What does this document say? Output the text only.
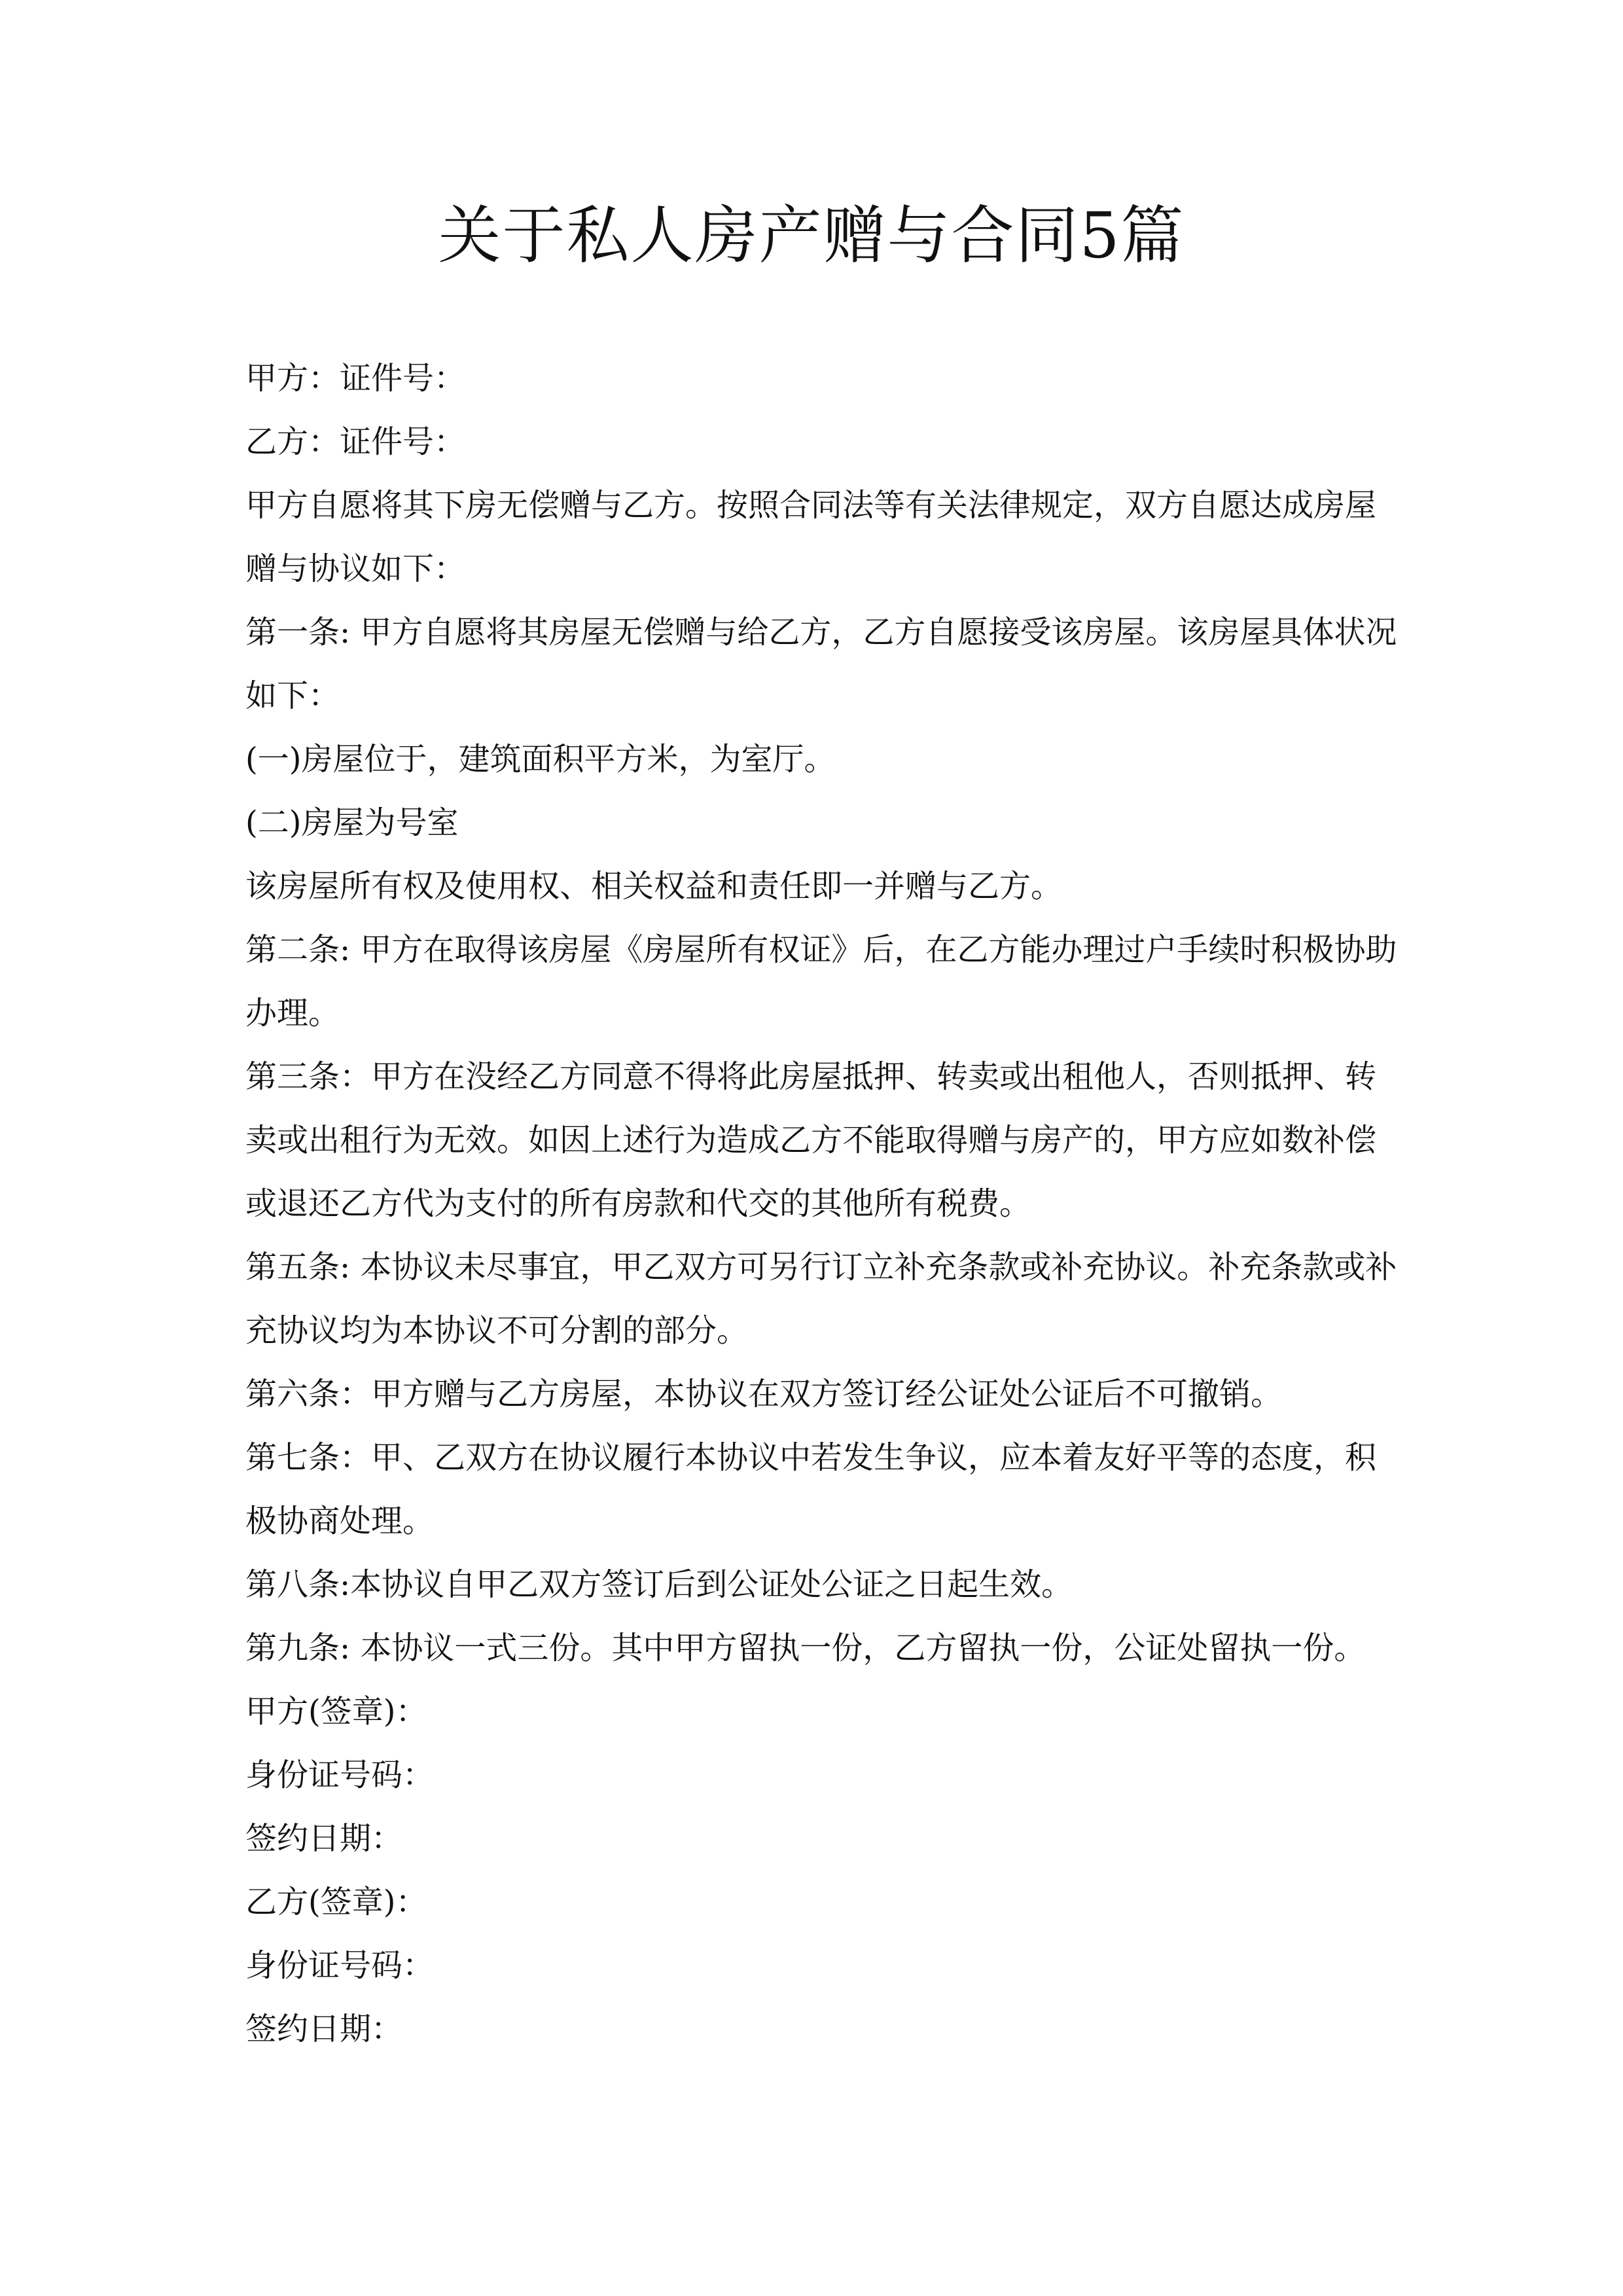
关于私人房产赠与合同5篇

甲方：证件号：

乙方：证件号：

甲方自愿将其下房无偿赠与乙方。按照合同法等有关法律规定，双方自愿达成房屋赠与协议如下：

第一条: 甲方自愿将其房屋无偿赠与给乙方，乙方自愿接受该房屋。该房屋具体状况如下：

(一)房屋位于，建筑面积平方米，为室厅。

(二)房屋为号室

该房屋所有权及使用权、相关权益和责任即一并赠与乙方。

第二条: 甲方在取得该房屋《房屋所有权证》后，在乙方能办理过户手续时积极协助办理。

第三条：甲方在没经乙方同意不得将此房屋抵押、转卖或出租他人，否则抵押、转卖或出租行为无效。如因上述行为造成乙方不能取得赠与房产的，甲方应如数补偿或退还乙方代为支付的所有房款和代交的其他所有税费。

第五条: 本协议未尽事宜，甲乙双方可另行订立补充条款或补充协议。补充条款或补充协议均为本协议不可分割的部分。

第六条：甲方赠与乙方房屋，本协议在双方签订经公证处公证后不可撤销。

第七条：甲、乙双方在协议履行本协议中若发生争议，应本着友好平等的态度，积极协商处理。

第八条:本协议自甲乙双方签订后到公证处公证之日起生效。

第九条: 本协议一式三份。其中甲方留执一份，乙方留执一份，公证处留执一份。

甲方(签章)：

身份证号码：

签约日期：

乙方(签章)：

身份证号码：

签约日期：
